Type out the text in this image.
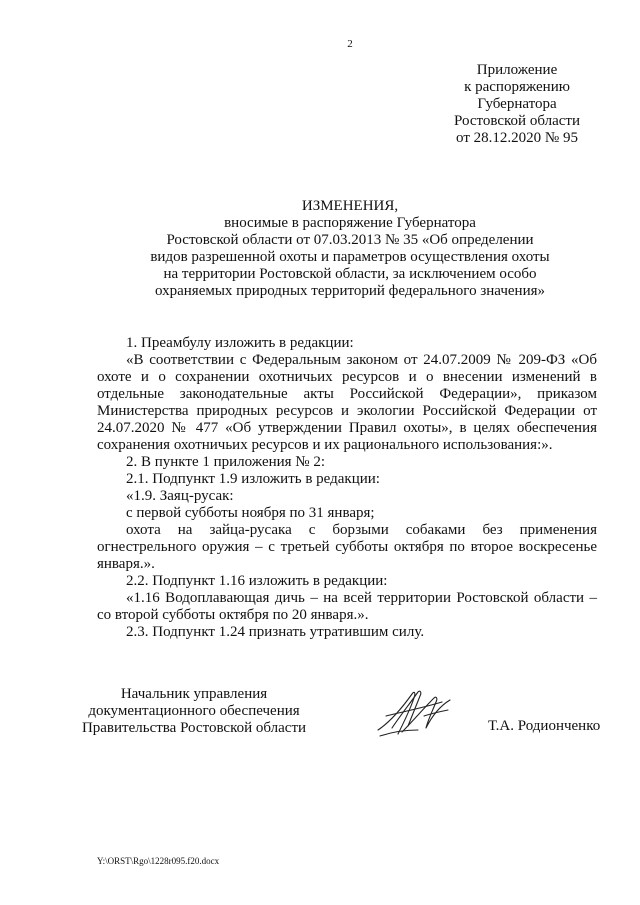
2
Приложение
к распоряжению
Губернатора
Ростовской области
от 28.12.2020 № 95
ИЗМЕНЕНИЯ,
вносимые в распоряжение Губернатора
Ростовской области от 07.03.2013 № 35 «Об определении
видов разрешенной охоты и параметров осуществления охоты
на территории Ростовской области, за исключением особо
охраняемых природных территорий федерального значения»

1. Преамбулу изложить в редакции:

«В соответствии с Федеральным законом от 24.07.2009 № 209-ФЗ «Об охоте и о сохранении охотничьих ресурсов и о внесении изменений в отдельные законодательные акты Российской Федерации», приказом Министерства природных ресурсов и экологии Российской Федерации от 24.07.2020 № 477 «Об утверждении Правил охоты», в целях обеспечения сохранения охотничьих ресурсов и их рационального использования:».

2. В пункте 1 приложения № 2:

2.1. Подпункт 1.9 изложить в редакции:

«1.9. Заяц-русак:

с первой субботы ноября по 31 января;

охота на зайца-русака с борзыми собаками без применения огнестрельного оружия – с третьей субботы октября по второе воскресенье января.».

2.2. Подпункт 1.16 изложить в редакции:

«1.16 Водоплавающая дичь – на всей территории Ростовской области – со второй субботы октября по 20 января.».

2.3. Подпункт 1.24 признать утратившим силу.

Начальник управления
документационного обеспечения
Правительства Ростовской области	Т.А. Родионченко
Y:\ORST\Rgo\1228r095.f20.docx
